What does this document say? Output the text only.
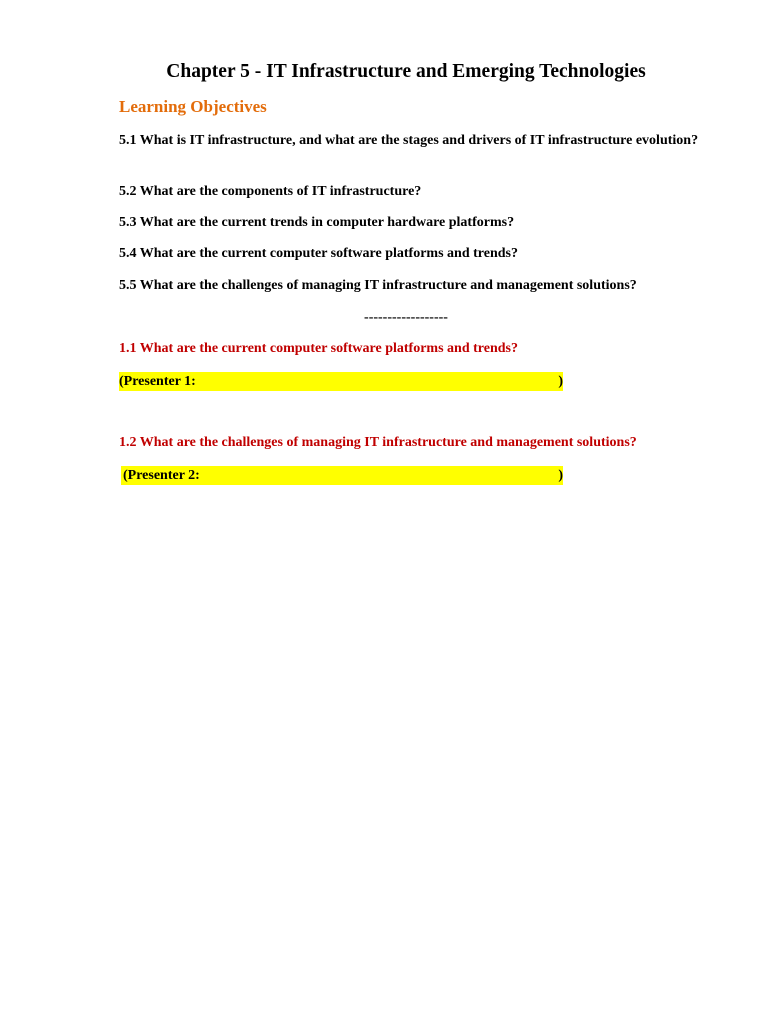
Chapter 5 - IT Infrastructure and Emerging Technologies
Learning Objectives
5.1 What is IT infrastructure, and what are the stages and drivers of IT infrastructure evolution?
5.2 What are the components of IT infrastructure?
5.3 What are the current trends in computer hardware platforms?
5.4 What are the current computer software platforms and trends?
5.5 What are the challenges of managing IT infrastructure and management solutions?
------------------
1.1 What are the current computer software platforms and trends?
(Presenter 1:	)
1.2 What are the challenges of managing IT infrastructure and management solutions?
(Presenter 2:	)
